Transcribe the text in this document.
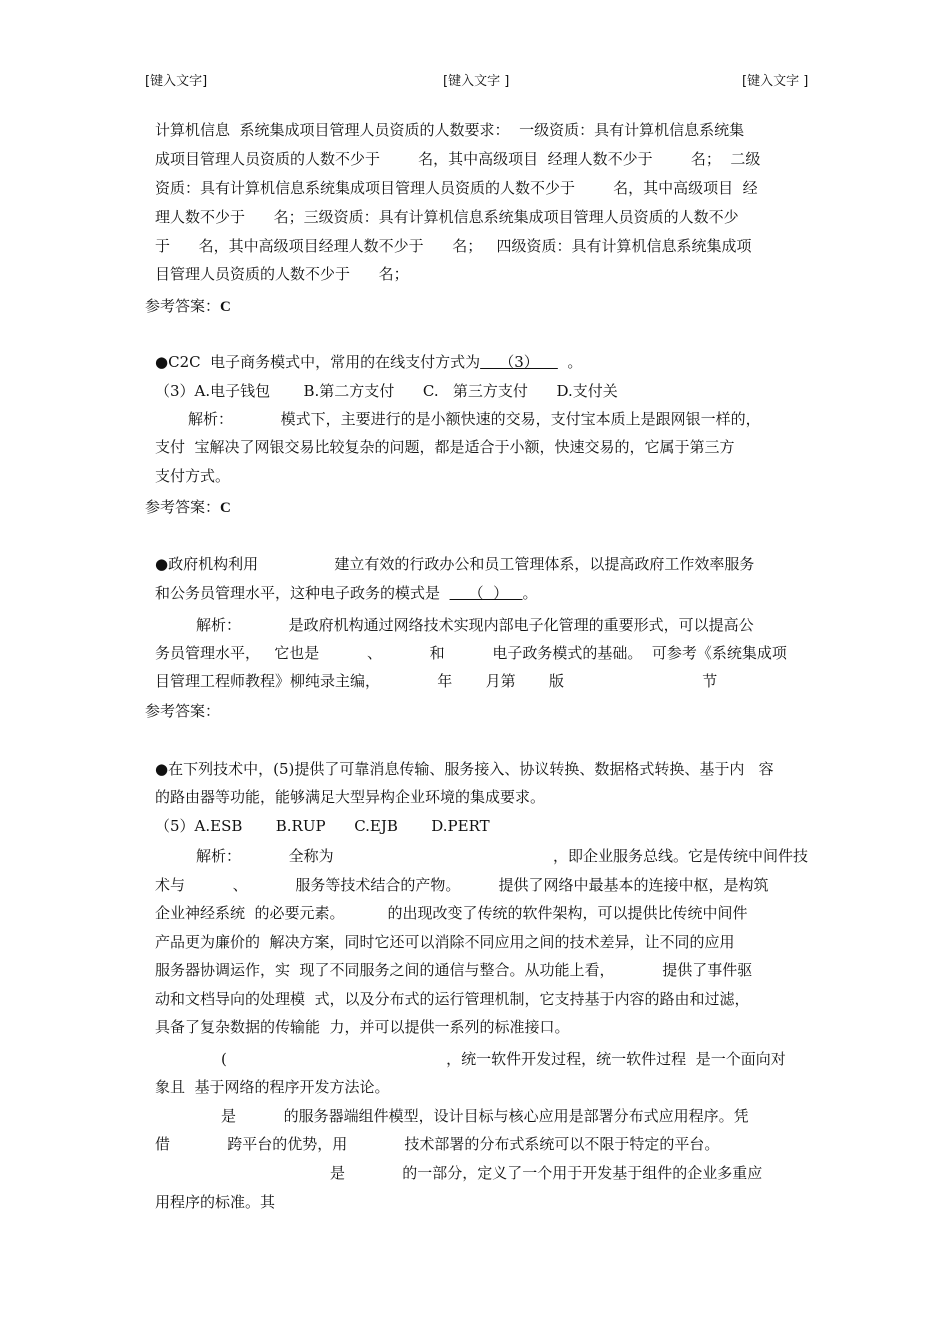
[键入文字]	[键入文字 ]	[键入文字 ]
计算机信息  系统集成项目管理人员资质的人数要求：  一级资质：具有计算机信息系统集
成项目管理人员资质的人数不少于        名，其中高级项目  经理人数不少于        名；  二级
资质：具有计算机信息系统集成项目管理人员资质的人数不少于        名，其中高级项目  经
理人数不少于      名；三级资质：具有计算机信息系统集成项目管理人员资质的人数不少
于      名，其中高级项目经理人数不少于      名；   四级资质：具有计算机信息系统集成项
目管理人员资质的人数不少于      名；
参考答案：C
●C2C  电子商务模式中，常用的在线支付方式为    （3）      。
（3）A.电子钱包       B.第二方支付      C.   第三方支付      D.支付关
解析：          模式下，主要进行的是小额快速的交易，支付宝本质上是跟网银一样的，
支付  宝解决了网银交易比较复杂的问题，都是适合于小额，快速交易的，它属于第三方
支付方式。
参考答案：C
●政府机构利用                建立有效的行政办公和员工管理体系，以提高政府工作效率服务
和公务员管理水平，这种电子政务的模式是      （  ）   。
解析：          是政府机构通过网络技术实现内部电子化管理的重要形式，可以提高公
务员管理水平，   它也是          、          和          电子政务模式的基础。  可参考《系统集成项
目管理工程师教程》柳纯录主编，            年       月第       版                             节
参考答案：
●在下列技术中，(5)提供了可靠消息传输、服务接入、协议转换、数据格式转换、基于内   容
的路由器等功能，能够满足大型异构企业环境的集成要求。
（5）A.ESB       B.RUP      C.EJB       D.PERT
解析：          全称为                                              ，即企业服务总线。它是传统中间件技
术与          、          服务等技术结合的产物。        提供了网络中最基本的连接中枢，是构筑
企业神经系统  的必要元素。         的出现改变了传统的软件架构，可以提供比传统中间件
产品更为廉价的  解决方案，同时它还可以消除不同应用之间的技术差异，让不同的应用
服务器协调运作，实  现了不同服务之间的通信与整合。从功能上看，          提供了事件驱
动和文档导向的处理模  式，以及分布式的运行管理机制，它支持基于内容的路由和过滤，
具备了复杂数据的传输能  力，并可以提供一系列的标准接口。
(                                              ，统一软件开发过程，统一软件过程  是一个面向对
象且  基于网络的程序开发方法论。
是          的服务器端组件模型，设计目标与核心应用是部署分布式应用程序。凭
借            跨平台的优势，用            技术部署的分布式系统可以不限于特定的平台。
是            的一部分，定义了一个用于开发基于组件的企业多重应
用程序的标准。其
